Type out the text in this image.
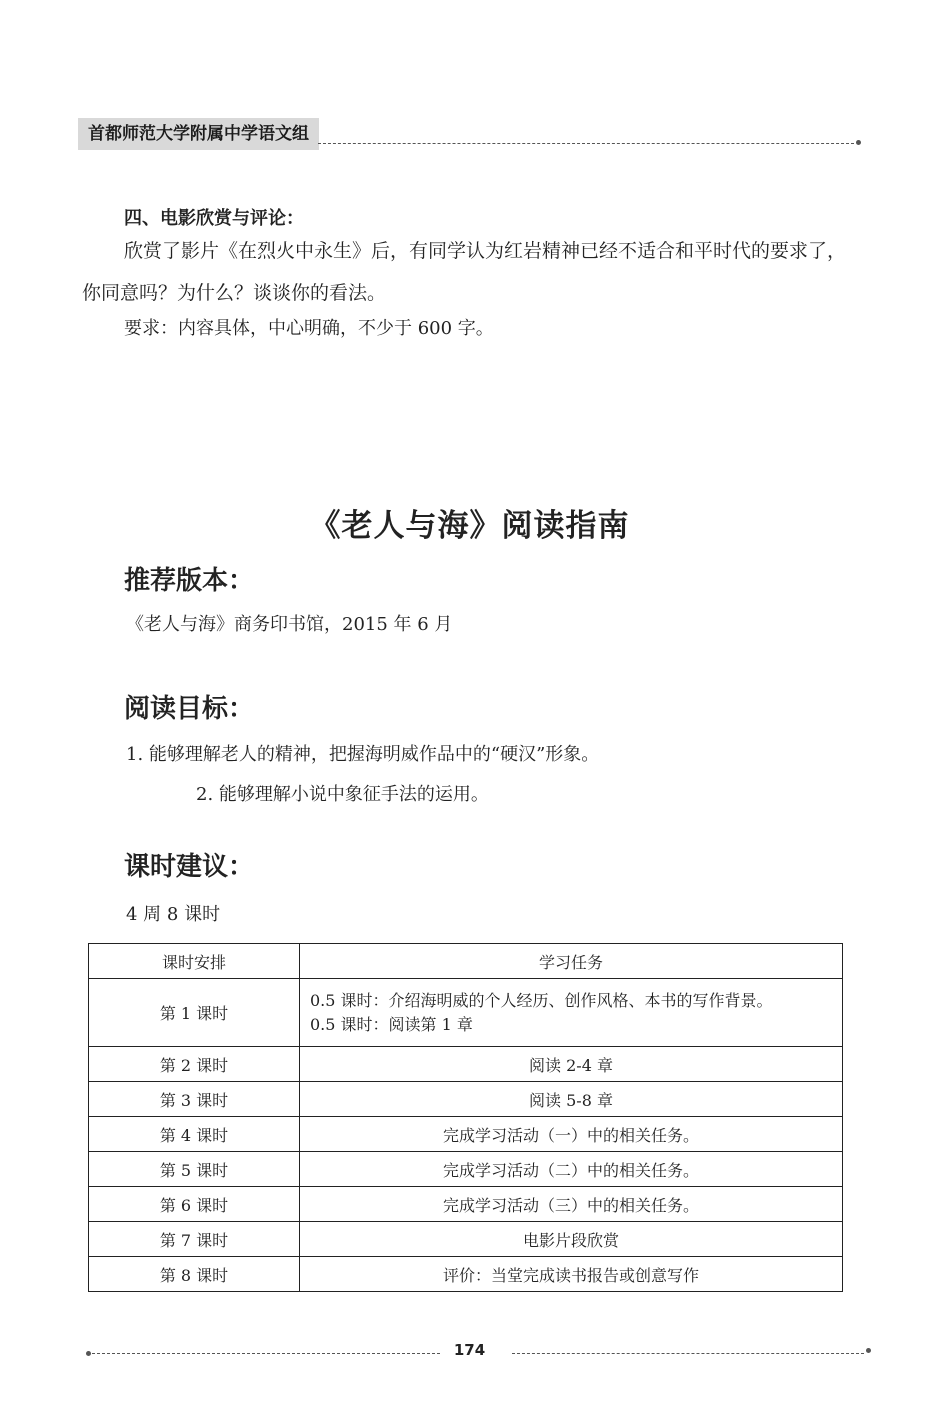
首都师范大学附属中学语文组
四、电影欣赏与评论：
欣赏了影片《在烈火中永生》后，有同学认为红岩精神已经不适合和平时代的要求了，
你同意吗？为什么？谈谈你的看法。
要求：内容具体，中心明确，不少于 600 字。
《老人与海》阅读指南
推荐版本：
《老人与海》商务印书馆，2015 年 6 月
阅读目标：
1. 能够理解老人的精神，把握海明威作品中的“硬汉”形象。
2. 能够理解小说中象征手法的运用。
课时建议：
4 周 8 课时
课时安排	学习任务
第 1 课时	0.5 课时：介绍海明威的个人经历、创作风格、本书的写作背景。
0.5 课时：阅读第 1 章

第 2 课时	阅读 2-4 章
第 3 课时	阅读 5-8 章
第 4 课时	完成学习活动（一）中的相关任务。
第 5 课时	完成学习活动（二）中的相关任务。
第 6 课时	完成学习活动（三）中的相关任务。
第 7 课时	电影片段欣赏
第 8 课时	评价：当堂完成读书报告或创意写作
174
